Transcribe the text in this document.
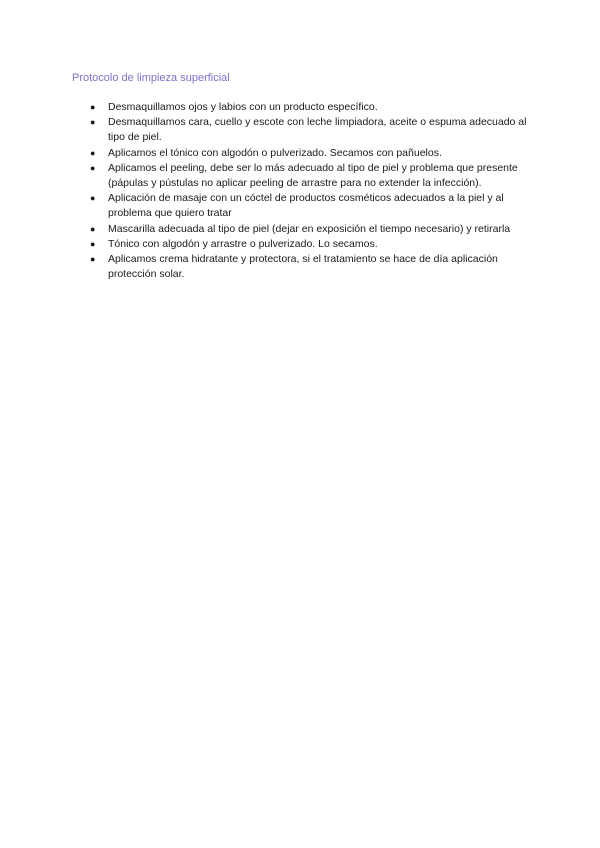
Protocolo de limpieza superficial
●	Desmaquillamos ojos y labios con un producto específico.
●	Desmaquillamos cara, cuello y escote con leche limpiadora, aceite o espuma adecuado al tipo de piel.
●	Aplicamos el tónico con algodón o pulverizado. Secamos con pañuelos.
●	Aplicamos el peeling, debe ser lo más adecuado al tipo de piel y problema que presente (pápulas y pústulas no aplicar peeling de arrastre para no extender la infección).
●	Aplicación de masaje con un cóctel de productos cosméticos adecuados a la piel y al problema que quiero tratar
●	Mascarilla adecuada al tipo de piel (dejar en exposición el tiempo necesario) y retirarla
●	Tónico con algodón y arrastre o pulverizado. Lo secamos.
●	Aplicamos crema hidratante y protectora, si el tratamiento se hace de día aplicación protección solar.
